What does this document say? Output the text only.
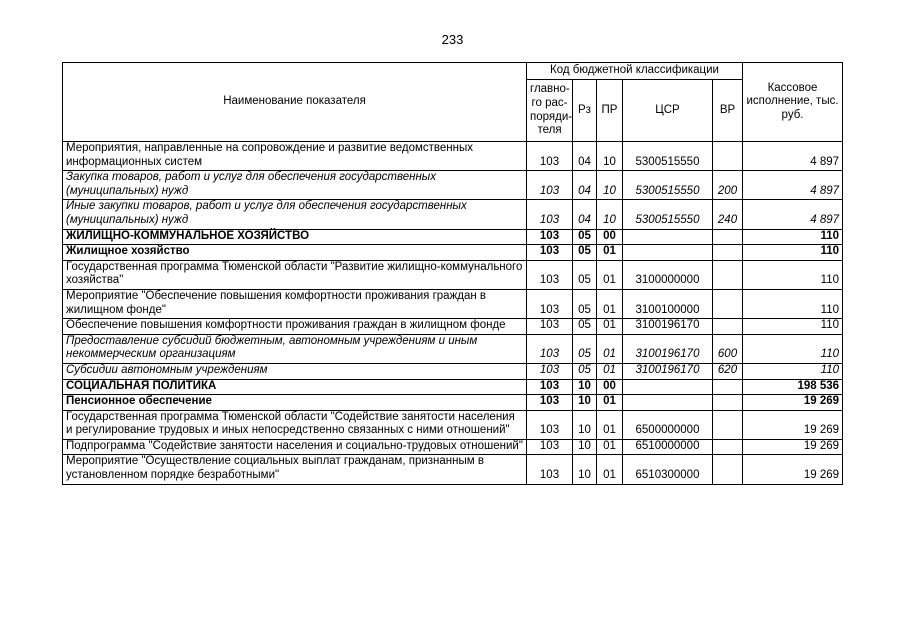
233
Наименование показателя	Код бюджетной классификации					Кассовое исполнение, тыс. руб.
	главно-го рас-поряди-теля	Рз	ПР	ЦСР	ВР	
Мероприятия, направленные на сопровождение и развитие ведомственных информационных систем	103	04	10	5300515550		4 897
Закупка товаров, работ и услуг для обеспечения государственных (муниципальных) нужд	103	04	10	5300515550	200	4 897
Иные закупки товаров, работ и услуг для обеспечения государственных (муниципальных) нужд	103	04	10	5300515550	240	4 897
ЖИЛИЩНО-КОММУНАЛЬНОЕ ХОЗЯЙСТВО	103	05	00			110
Жилищное хозяйство	103	05	01			110
Государственная программа Тюменской области "Развитие жилищно-коммунального хозяйства"	103	05	01	3100000000		110
Мероприятие "Обеспечение повышения комфортности проживания граждан в жилищном фонде"	103	05	01	3100100000		110
Обеспечение повышения комфортности проживания граждан в жилищном фонде	103	05	01	3100196170		110
Предоставление субсидий бюджетным, автономным учреждениям и иным некоммерческим организациям	103	05	01	3100196170	600	110
Субсидии автономным учреждениям	103	05	01	3100196170	620	110
СОЦИАЛЬНАЯ ПОЛИТИКА	103	10	00			198 536
Пенсионное обеспечение	103	10	01			19 269
Государственная программа Тюменской области "Содействие занятости населения и регулирование трудовых и иных непосредственно связанных с ними отношений"	103	10	01	6500000000		19 269
Подпрограмма "Содействие занятости населения и социально-трудовых отношений"	103	10	01	6510000000		19 269
Мероприятие "Осуществление социальных выплат гражданам, признанным в установленном порядке безработными"	103	10	01	6510300000		19 269
